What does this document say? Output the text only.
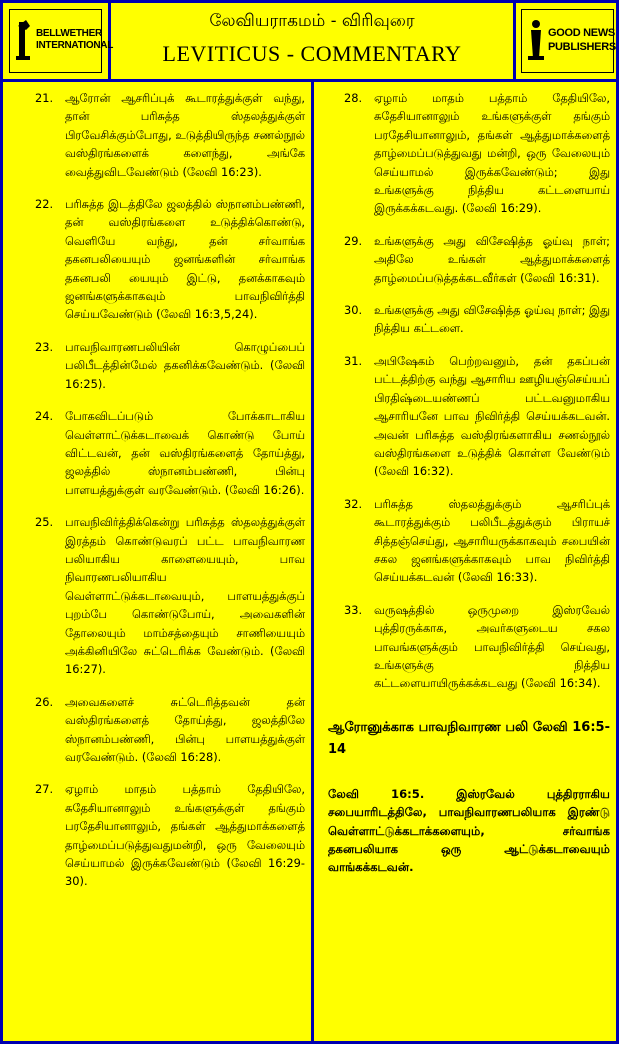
BELLWETHER INTERNATIONAL
லேவியராகமம் - விரிவுரை
LEVITICUS - COMMENTARY
GOOD NEWS PUBLISHERS
21. ஆரோன் ஆசரிப்புக் கூடாரத்துக்குள் வந்து, தான் பரிசுத்த ஸ்தலத்துக்குள் பிரவேசிக்கும்போது, உடுத்தியிருந்த சணல்நூல் வஸ்திரங்களைக் களைந்து, அங்கே வைத்துவிடவேண்டும் (லேவி 16:23).
22. பரிசுத்த இடத்திலே ஜலத்தில் ஸ்நானம்பண்ணி, தன் வஸ்திரங்களை உடுத்திக்கொண்டு, வெளியே வந்து, தன் சர்வாங்க தகனபலியையும் ஜனங்களின் சர்வாங்க தகனபலி யையும் இட்டு, தனக்காகவும் ஜனங்களுக்காகவும் பாவநிவிர்த்தி செய்யவேண்டும் (லேவி 16:3,5,24).
23. பாவநிவாரணபலியின் கொழுப்பைப் பலிபீடத்தின்மேல் தகனிக்கவேண்டும். (லேவி 16:25).
24. போகவிடப்படும் போக்காடாகிய வெள்ளாட்டுக்கடாவைக் கொண்டு போய் விட்டவன், தன் வஸ்திரங்களைத் தோய்த்து, ஜலத்தில் ஸ்நானம்பண்ணி, பின்பு பாளயத்துக்குள் வரவேண்டும். (லேவி 16:26).
25. பாவநிவிர்த்திக்கென்று பரிசுத்த ஸ்தலத்துக்குள் இரத்தம் கொண்டுவரப் பட்ட பாவநிவாரண பலியாகிய காளையையும், பாவ நிவாரணபலியாகிய வெள்ளாட்டுக்கடாவையும், பாளயத்துக்குப் புறம்பே கொண்டுபோய், அவைகளின் தோலையும் மாம்சத்தையும் சாணியையும் அக்கினியிலே சுட்டெரிக்க வேண்டும். (லேவி 16:27).
26. அவைகளைச் சுட்டெரித்தவன் தன் வஸ்திரங்களைத் தோய்த்து, ஜலத்திலே ஸ்நானம்பண்ணி, பின்பு பாளயத்துக்குள் வரவேண்டும். (லேவி 16:28).
27. ஏழாம் மாதம் பத்தாம் தேதியிலே, சுதேசியானாலும் உங்களுக்குள் தங்கும் பரதேசியானாலும், தங்கள் ஆத்துமாக்களைத் தாழ்மைப்படுத்துவதுமன்றி, ஒரு வேலையும் செய்யாமல் இருக்கவேண்டும் (லேவி 16:29-30).
28. ஏழாம் மாதம் பத்தாம் தேதியிலே, சுதேசியானாலும் உங்களுக்குள் தங்கும் பரதேசியானாலும், தங்கள் ஆத்துமாக்களைத் தாழ்மைப்படுத்துவது மன்றி, ஒரு வேலையும் செய்யாமல் இருக்கவேண்டும்; இது உங்களுக்கு நித்திய கட்டளையாய் இருக்கக்கடவது. (லேவி 16:29).
29. உங்களுக்கு அது விசேஷித்த ஓய்வு நாள்; அதிலே உங்கள் ஆத்துமாக்களைத் தாழ்மைப்படுத்தக்கடவீர்கள் (லேவி 16:31).
30. உங்களுக்கு அது விசேஷித்த ஓய்வு நாள்; இது நித்திய கட்டளை.
31. அபிஷேகம் பெற்றவனும், தன் தகப்பன் பட்டத்திற்கு வந்து ஆசாரிய ஊழியஞ்செய்யப் பிரதிஷ்டையண்ணப் பட்டவனுமாகிய ஆசாரியனே பாவ நிவிர்த்தி செய்யக்கடவன். அவன் பரிசுத்த வஸ்திரங்களாகிய சணல்நூல் வஸ்திரங்களை உடுத்திக் கொள்ள வேண்டும் (லேவி 16:32).
32. பரிசுத்த ஸ்தலத்துக்கும் ஆசரிப்புக் கூடாரத்துக்கும் பலிபீடத்துக்கும் பிராயச் சித்தஞ்செய்து, ஆசாரியருக்காகவும் சபையின் சகல ஜனங்களுக்காகவும் பாவ நிவிர்த்தி செய்யக்கடவன் (லேவி 16:33).
33. வருஷத்தில் ஒருமுறை இஸ்ரவேல் புத்திரருக்காக, அவர்களுடைய சகல பாவங்களுக்கும் பாவநிவிர்த்தி செய்வது, உங்களுக்கு நித்திய கட்டளையாயிருக்கக்கடவது (லேவி 16:34).
ஆரோனுக்காக பாவநிவாரண பலி லேவி 16:5-14
லேவி 16:5. இஸ்ரவேல் புத்திரராகிய சபையாரிடத்திலே, பாவநிவாரணபலியாக இரண்டு வெள்ளாட்டுக்கடாக்களையும், சர்வாங்க தகனபலியாக ஒரு ஆட்டுக்கடாவையும் வாங்கக்கடவன்.
